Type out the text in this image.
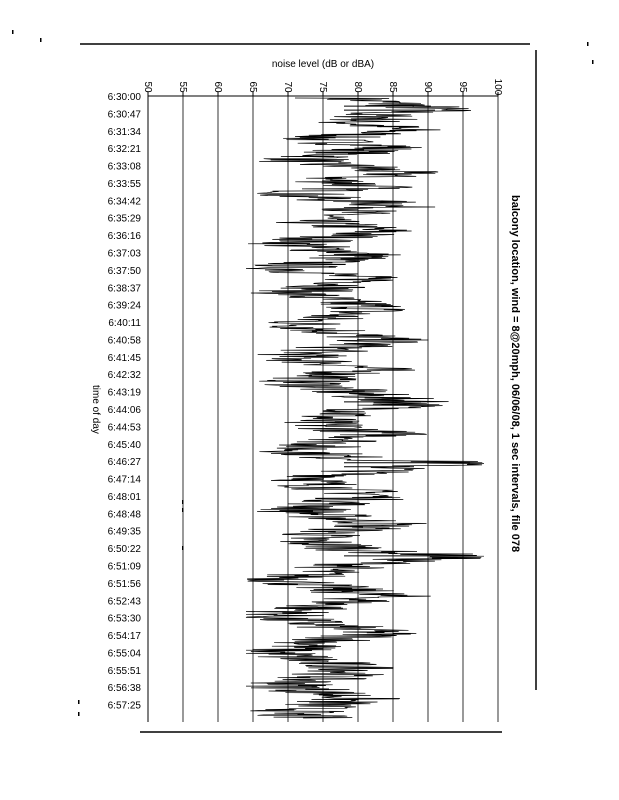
balcony location, wind = 8@20mph, 06/06/08, 1 sec intervals, file 078
noise level (dB or dBA)
time of day
50 55 60 65 70 75 80 85 90 95 100
6:30:00
6:30:47
6:31:34
6:32:21
6:33:08
6:33:55
6:34:42
6:35:29
6:36:16
6:37:03
6:37:50
6:38:37
6:39:24
6:40:11
6:40:58
6:41:45
6:42:32
6:43:19
6:44:06
6:44:53
6:45:40
6:46:27
6:47:14
6:48:01
6:48:48
6:49:35
6:50:22
6:51:09
6:51:56
6:52:43
6:53:30
6:54:17
6:55:04
6:55:51
6:56:38
6:57:25
